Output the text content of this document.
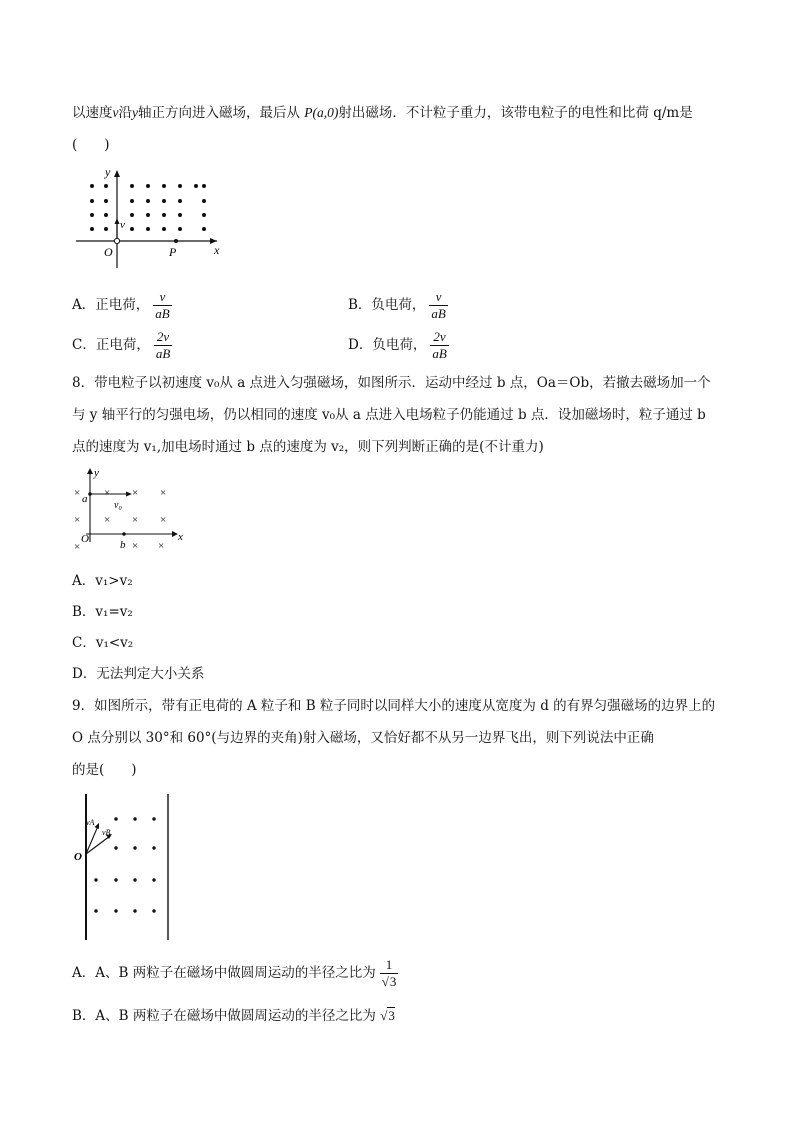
以速度v沿y轴正方向进入磁场，最后从 P(a,0)射出磁场．不计粒子重力，该带电粒子的电性和比荷 q/m是
(　　)
y
v
O	P	x
A．正电荷， $\frac{v}{aB}$	B．负电荷， $\frac{v}{aB}$
C．正电荷， $\frac{2v}{aB}$	D．负电荷， $\frac{2v}{aB}$
8．带电粒子以初速度 v₀从 a 点进入匀强磁场，如图所示．运动中经过 b 点，Oa＝Ob，若撤去磁场加一个
与 y 轴平行的匀强电场，仍以相同的速度 v₀从 a 点进入电场粒子仍能通过 b 点．设加磁场时，粒子通过 b
点的速度为 v₁,加电场时通过 b 点的速度为 v₂，则下列判断正确的是(不计重力)
× × × ×
× × × ×
×	× ×
y
a
v₀
O	b
x
A．v₁>v₂
B．v₁=v₂
C．v₁<v₂
D．无法判定大小关系
9．如图所示，带有正电荷的 A 粒子和 B 粒子同时以同样大小的速度从宽度为 d 的有界匀强磁场的边界上的
O 点分别以 30°和 60°(与边界的夹角)射入磁场，又恰好都不从另一边界飞出，则下列说法中正确
的是(　　)
O
vA
vB
A．A、B 两粒子在磁场中做圆周运动的半径之比为 $\frac{1}{√3}$
B．A、B 两粒子在磁场中做圆周运动的半径之比为 √3
